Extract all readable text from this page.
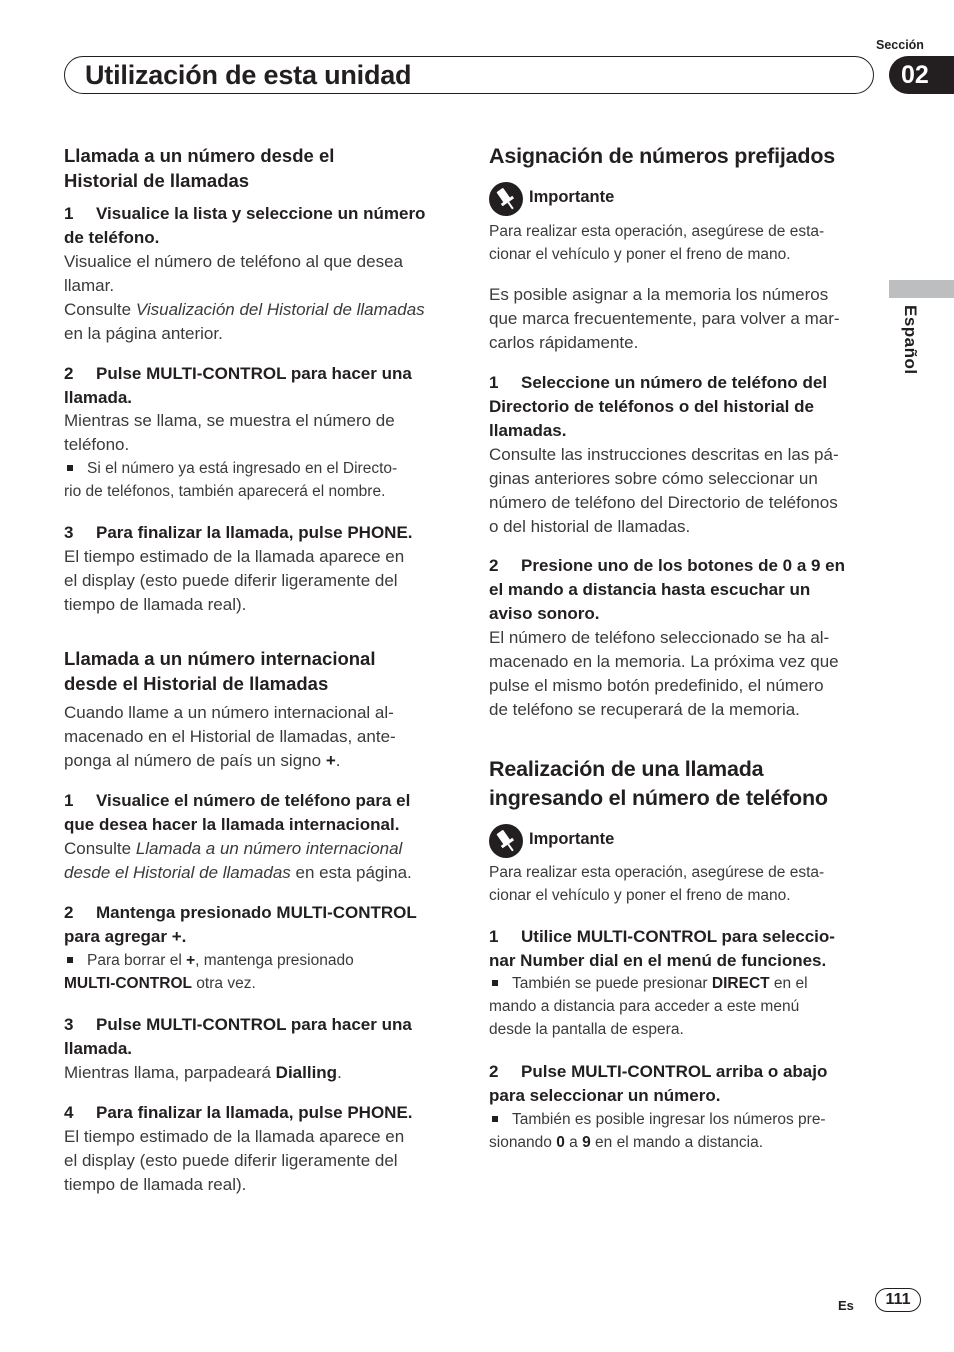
Sección
Utilización de esta unidad	02
Español
Llamada a un número desde el
Historial de llamadas
1 Visualice la lista y seleccione un número
de teléfono.
Visualice el número de teléfono al que desea
llamar.
Consulte Visualización del Historial de llamadas
en la página anterior.
2 Pulse MULTI-CONTROL para hacer una
llamada.
Mientras se llama, se muestra el número de
teléfono.
Si el número ya está ingresado en el Directo-
rio de teléfonos, también aparecerá el nombre.
3 Para finalizar la llamada, pulse PHONE.
El tiempo estimado de la llamada aparece en
el display (esto puede diferir ligeramente del
tiempo de llamada real).
Llamada a un número internacional
desde el Historial de llamadas
Cuando llame a un número internacional al-
macenado en el Historial de llamadas, ante-
ponga al número de país un signo +.
1 Visualice el número de teléfono para el
que desea hacer la llamada internacional.
Consulte Llamada a un número internacional
desde el Historial de llamadas en esta página.
2 Mantenga presionado MULTI-CONTROL
para agregar +.
Para borrar el +, mantenga presionado
MULTI-CONTROL otra vez.
3 Pulse MULTI-CONTROL para hacer una
llamada.
Mientras llama, parpadeará Dialling.
4 Para finalizar la llamada, pulse PHONE.
El tiempo estimado de la llamada aparece en
el display (esto puede diferir ligeramente del
tiempo de llamada real).
Asignación de números prefijados
Importante
Para realizar esta operación, asegúrese de esta-
cionar el vehículo y poner el freno de mano.
Es posible asignar a la memoria los números
que marca frecuentemente, para volver a mar-
carlos rápidamente.
1 Seleccione un número de teléfono del
Directorio de teléfonos o del historial de
llamadas.
Consulte las instrucciones descritas en las pá-
ginas anteriores sobre cómo seleccionar un
número de teléfono del Directorio de teléfonos
o del historial de llamadas.
2 Presione uno de los botones de 0 a 9 en
el mando a distancia hasta escuchar un
aviso sonoro.
El número de teléfono seleccionado se ha al-
macenado en la memoria. La próxima vez que
pulse el mismo botón predefinido, el número
de teléfono se recuperará de la memoria.
Realización de una llamada
ingresando el número de teléfono
Importante
Para realizar esta operación, asegúrese de esta-
cionar el vehículo y poner el freno de mano.
1 Utilice MULTI-CONTROL para seleccio-
nar Number dial en el menú de funciones.
También se puede presionar DIRECT en el
mando a distancia para acceder a este menú
desde la pantalla de espera.
2 Pulse MULTI-CONTROL arriba o abajo
para seleccionar un número.
También es posible ingresar los números pre-
sionando 0 a 9 en el mando a distancia.
Es	111
